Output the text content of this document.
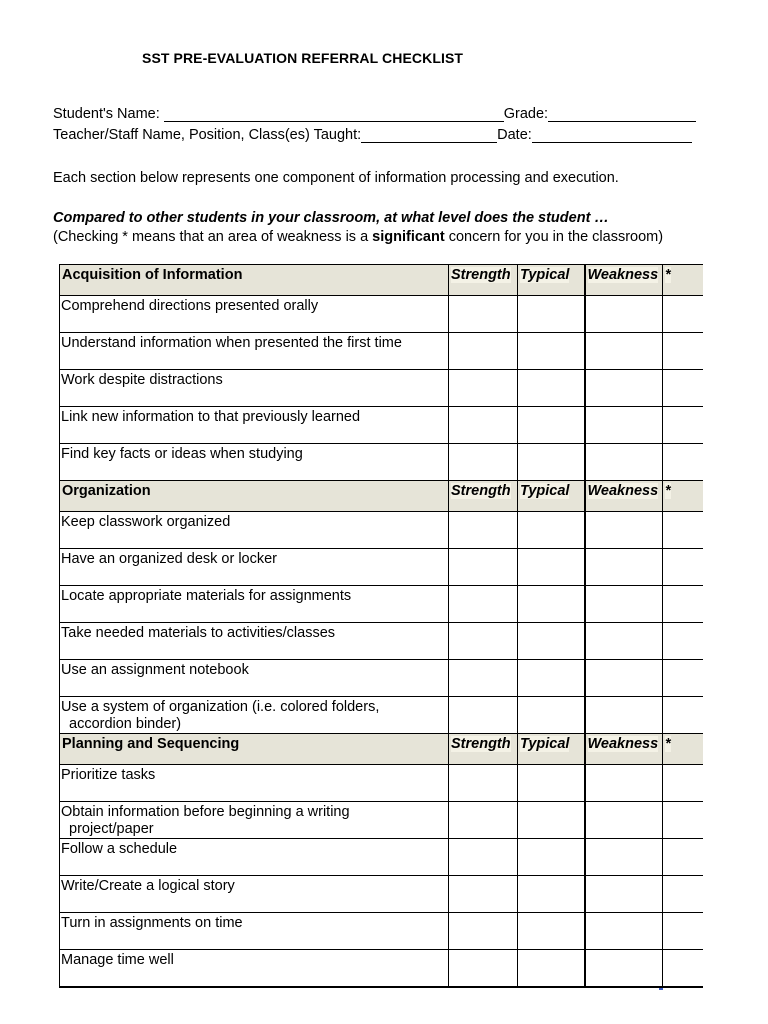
SST PRE-EVALUATION REFERRAL CHECKLIST
Student's Name:	Grade:
Teacher/Staff Name, Position, Class(es) Taught:	Date:
Each section below represents one component of information processing and execution.
Compared to other students in your classroom, at what level does the student …
(Checking * means that an area of weakness is a significant concern for you in the classroom)
Acquisition of Information	Strength	Typical	Weakness	*

Comprehend directions presented orally				

Understand information when presented the first time				

Work despite distractions				

Link new information to that previously learned				

Find key facts or ideas when studying				

Organization	Strength	Typical	Weakness	*

Keep classwork organized				

Have an organized desk or locker				

Locate appropriate materials for assignments				

Take needed materials to activities/classes				

Use an assignment notebook				

Use a system of organization (i.e. colored folders,
accordion binder)				

Planning and Sequencing	Strength	Typical	Weakness	*

Prioritize tasks				

Obtain information before beginning a writing
project/paper				

Follow a schedule				

Write/Create a logical story				

Turn in assignments on time				

Manage time well				
